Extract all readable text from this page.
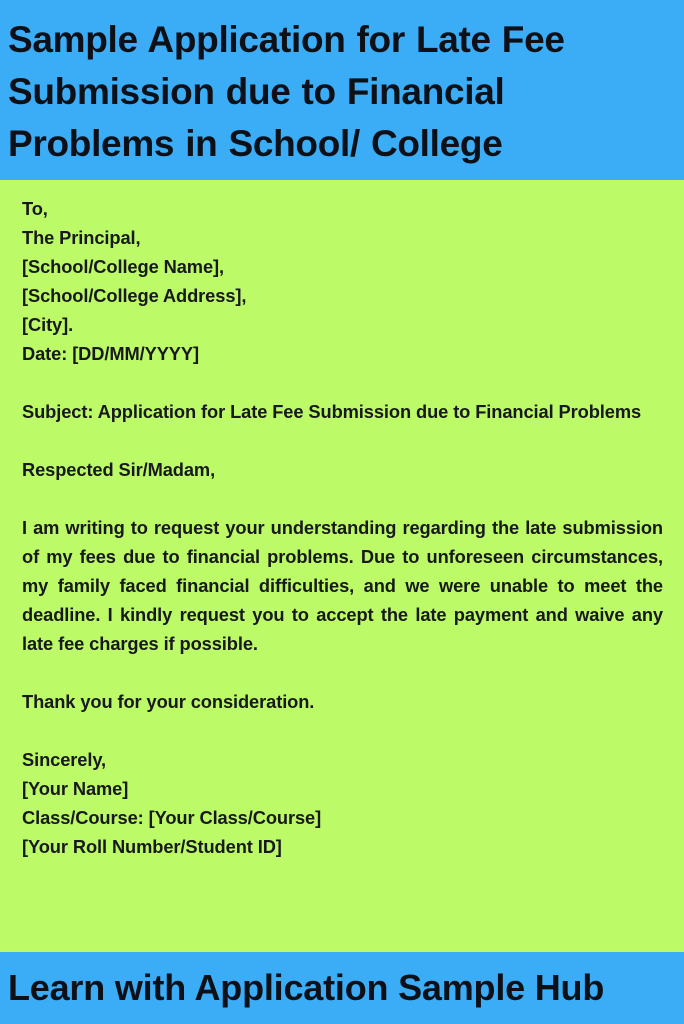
Sample Application for Late Fee Submission due to Financial Problems in School/ College
To,
The Principal,
[School/College Name],
[School/College Address],
[City].
Date: [DD/MM/YYYY]

Subject: Application for Late Fee Submission due to Financial Problems

Respected Sir/Madam,

I am writing to request your understanding regarding the late submission of my fees due to financial problems. Due to unforeseen circumstances, my family faced financial difficulties, and we were unable to meet the deadline. I kindly request you to accept the late payment and waive any late fee charges if possible.

Thank you for your consideration.

Sincerely,
[Your Name]
Class/Course: [Your Class/Course]
[Your Roll Number/Student ID]
Learn with Application Sample Hub
